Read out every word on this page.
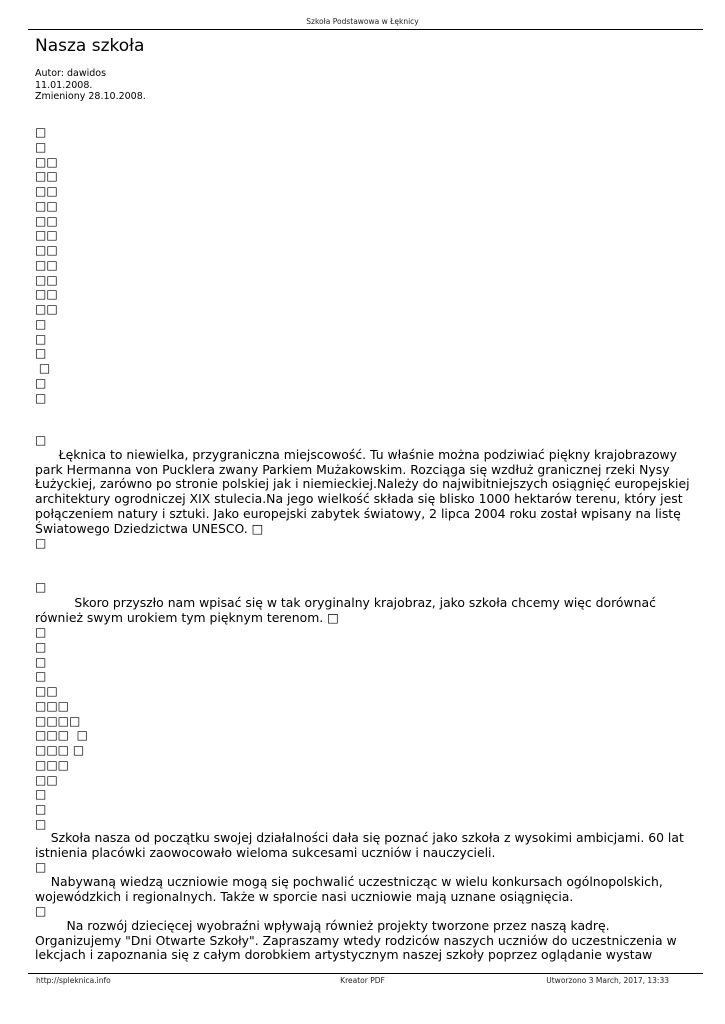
Szkoła Podstawowa w Łęknicy
Nasza szkoła
Autor: dawidos
11.01.2008.
Zmieniony 28.10.2008.
□
□
□□
□□
□□
□□
□□
□□
□□
□□
□□
□□
□□
□
□
□
□
□
□
□

Łęknica to niewielka, przygraniczna miejscowość. Tu właśnie można podziwiać piękny krajobrazowy
park Hermanna von Pucklera zwany Parkiem Mużakowskim. Rozciąga się wzdłuż granicznej rzeki Nysy
Łużyckiej, zarówno po stronie polskiej jak i niemieckiej.Należy do najwibitniejszych osiągnięć europejskiej
architektury ogrodniczej XIX stulecia.Na jego wielkość składa się blisko 1000 hektarów terenu, który jest
połączeniem natury i sztuki. Jako europejski zabytek światowy, 2 lipca 2004 roku został wpisany na listę
Światowego Dziedzictwa UNESCO. □

□
□

Skoro przyszło nam wpisać się w tak oryginalny krajobraz, jako szkoła chcemy więc dorównać
również swym urokiem tym pięknym terenom. □

□
□
□
□
□□
□□□
□□□□
□□□  □
□□□ □
□□□
□□
□
□
□

Szkoła nasza od początku swojej działalności dała się poznać jako szkoła z wysokimi ambicjami. 60 lat
istnienia placówki zaowocowało wieloma sukcesami uczniów i nauczycieli.

□

Nabywaną wiedzą uczniowie mogą się pochwalić uczestnicząc w wielu konkursach ogólnopolskich,
wojewódzkich i regionalnych. Także w sporcie nasi uczniowie mają uznane osiągnięcia.

□

Na rozwój dziecięcej wyobraźni wpływają również projekty tworzone przez naszą kadrę.
Organizujemy "Dni Otwarte Szkoły". Zapraszamy wtedy rodziców naszych uczniów do uczestniczenia w
lekcjach i zapoznania się z całym dorobkiem artystycznym naszej szkoły poprzez oglądanie wystaw

http://spleknica.info	Kreator PDF	Utworzono 3 March, 2017, 13:33
